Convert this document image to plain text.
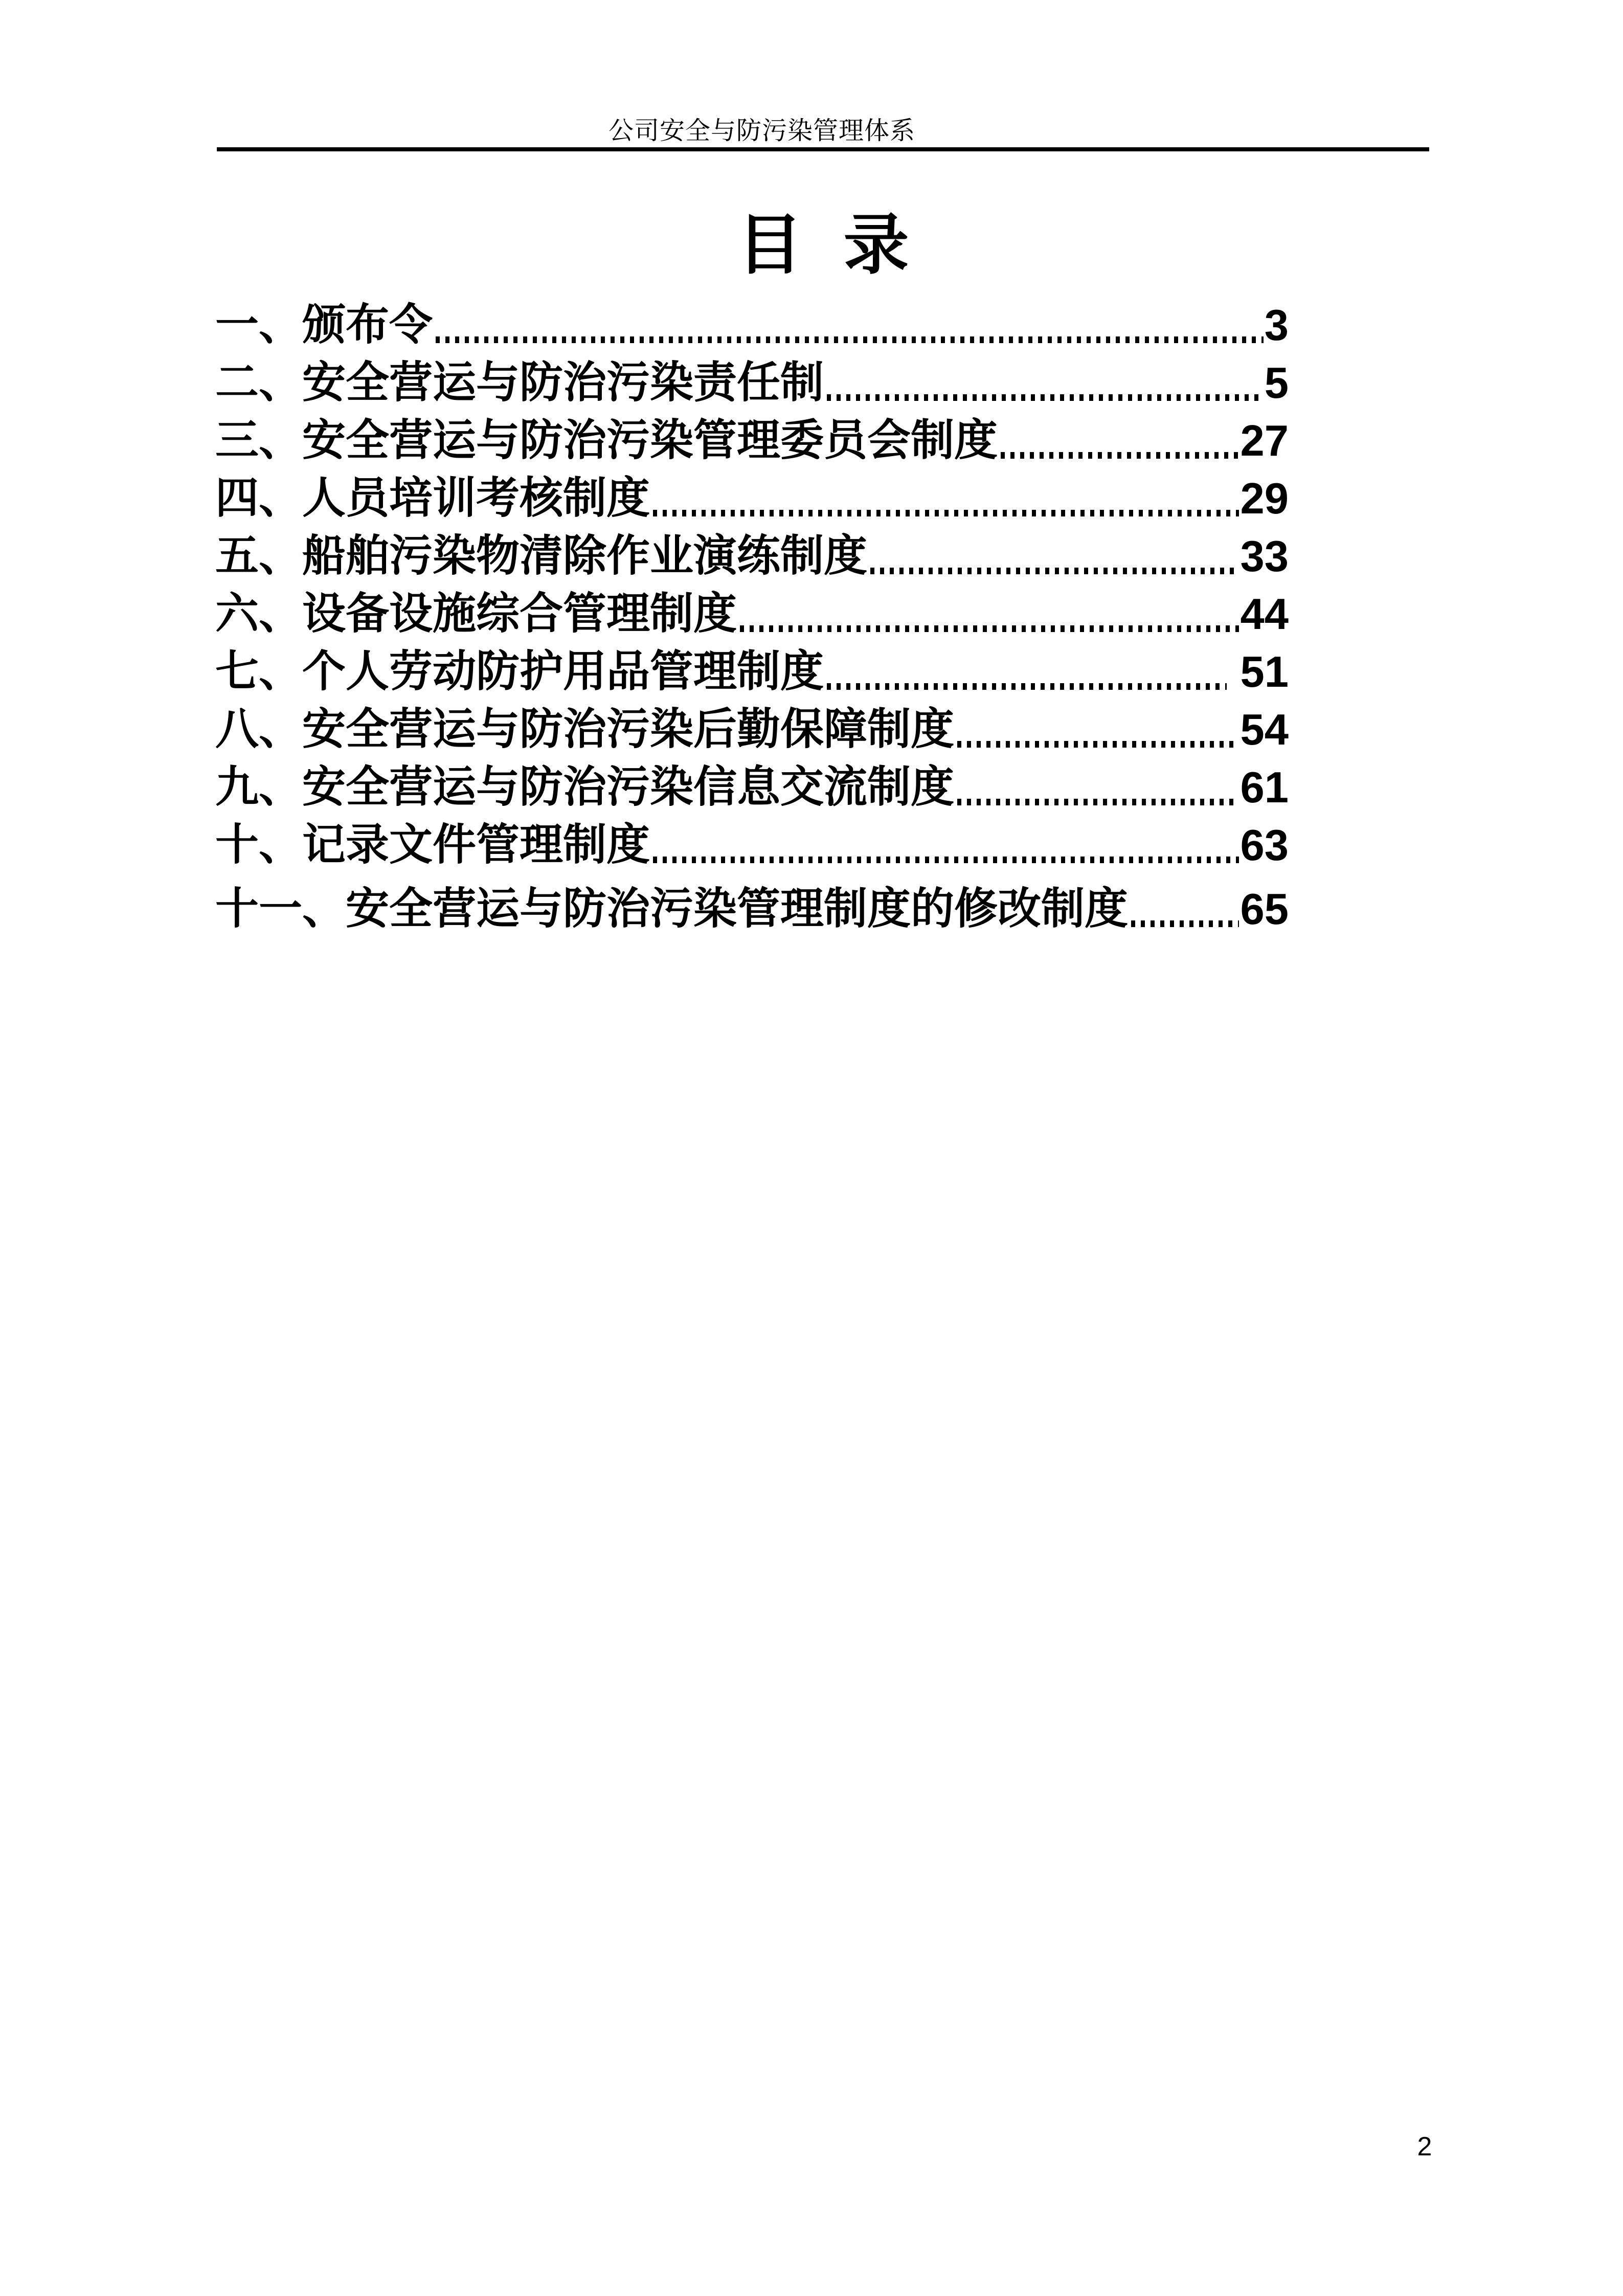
公司安全与防污染管理体系
目 录
一、颁布令	3
二、安全营运与防治污染责任制	5
三、安全营运与防治污染管理委员会制度	27
四、人员培训考核制度	29
五、船舶污染物清除作业演练制度	33
六、设备设施综合管理制度	44
七、个人劳动防护用品管理制度	51
八、安全营运与防治污染后勤保障制度	54
九、安全营运与防治污染信息交流制度	61
十、记录文件管理制度	63
十一、安全营运与防治污染管理制度的修改制度	65
2
